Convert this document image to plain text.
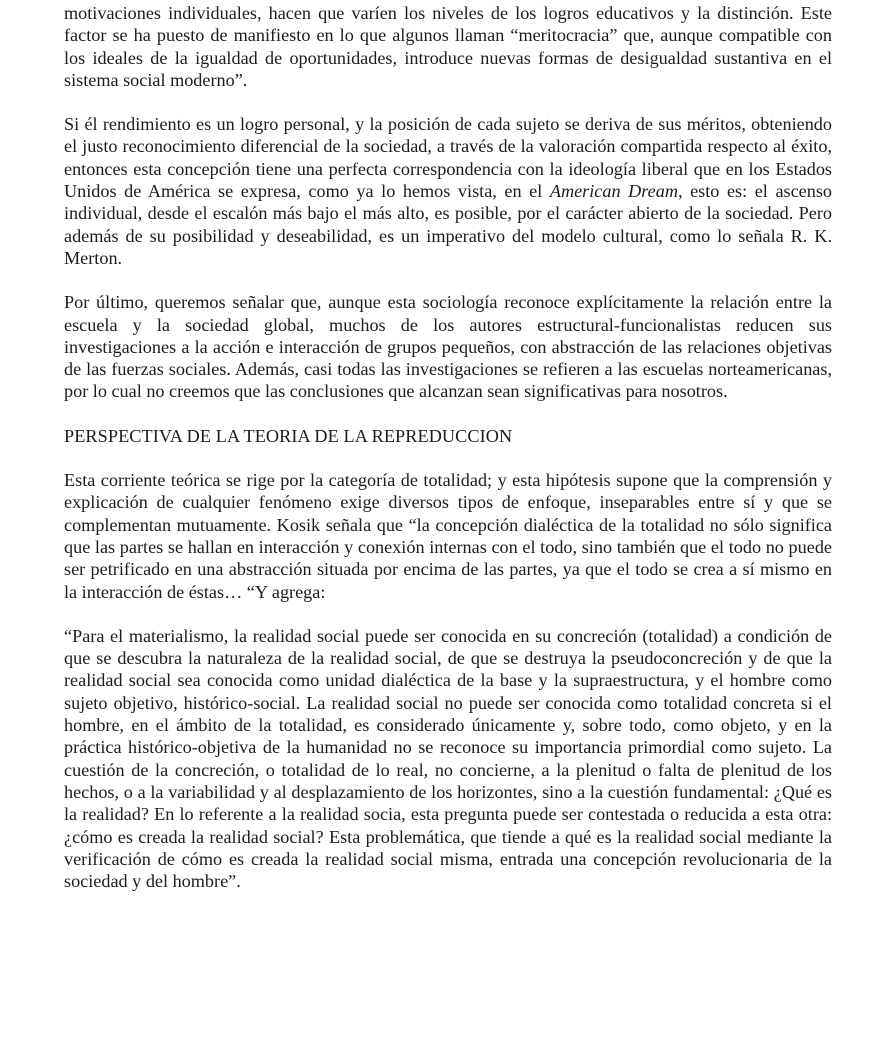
motivaciones individuales, hacen que varíen los niveles de los logros educativos y la distinción. Este factor se ha puesto de manifiesto en lo que algunos llaman “meritocracia” que, aunque compatible con los ideales de la igualdad de oportunidades, introduce nuevas formas de desigualdad sustantiva en el sistema social moderno”.

Si él rendimiento es un logro personal, y la posición de cada sujeto se deriva de sus méritos, obteniendo el justo reconocimiento diferencial de la sociedad, a través de la valoración compartida respecto al éxito, entonces esta concepción tiene una perfecta correspondencia con la ideología liberal que en los Estados Unidos de América se expresa, como ya lo hemos vista, en el American Dream, esto es: el ascenso individual, desde el escalón más bajo el más alto, es posible, por el carácter abierto de la sociedad. Pero además de su posibilidad y deseabilidad, es un imperativo del modelo cultural, como lo señala R. K. Merton.

Por último, queremos señalar que, aunque esta sociología reconoce explícitamente la relación entre la escuela y la sociedad global, muchos de los autores estructural-funcionalistas reducen sus investigaciones a la acción e interacción de grupos pequeños, con abstracción de las relaciones objetivas de las fuerzas sociales. Además, casi todas las investigaciones se refieren a las escuelas norteamericanas, por lo cual no creemos que las conclusiones que alcanzan sean significativas para nosotros.

PERSPECTIVA DE LA TEORIA DE LA REPREDUCCION

Esta corriente teórica se rige por la categoría de totalidad; y esta hipótesis supone que la comprensión y explicación de cualquier fenómeno exige diversos tipos de enfoque, inseparables entre sí y que se complementan mutuamente. Kosik señala que “la concepción dialéctica de la totalidad no sólo significa que las partes se hallan en interacción y conexión internas con el todo, sino también que el todo no puede ser petrificado en una abstracción situada por encima de las partes, ya que el todo se crea a sí mismo en la interacción de éstas… “Y agrega:

“Para el materialismo, la realidad social puede ser conocida en su concreción (totalidad) a condición de que se descubra la naturaleza de la realidad social, de que se destruya la pseudoconcreción y de que la realidad social sea conocida como unidad dialéctica de la base y la supraestructura, y el hombre como sujeto objetivo, histórico-social. La realidad social no puede ser conocida como totalidad concreta si el hombre, en el ámbito de la totalidad, es considerado únicamente y, sobre todo, como objeto, y en la práctica histórico-objetiva de la humanidad no se reconoce su importancia primordial como sujeto. La cuestión de la concreción, o totalidad de lo real, no concierne, a la plenitud o falta de plenitud de los hechos, o a la variabilidad y al desplazamiento de los horizontes, sino a la cuestión fundamental: ¿Qué es la realidad? En lo referente a la realidad socia, esta pregunta puede ser contestada o reducida a esta otra: ¿cómo es creada la realidad social? Esta problemática, que tiende a qué es la realidad social mediante la verificación de cómo es creada la realidad social misma, entrada una concepción revolucionaria de la sociedad y del hombre”.
